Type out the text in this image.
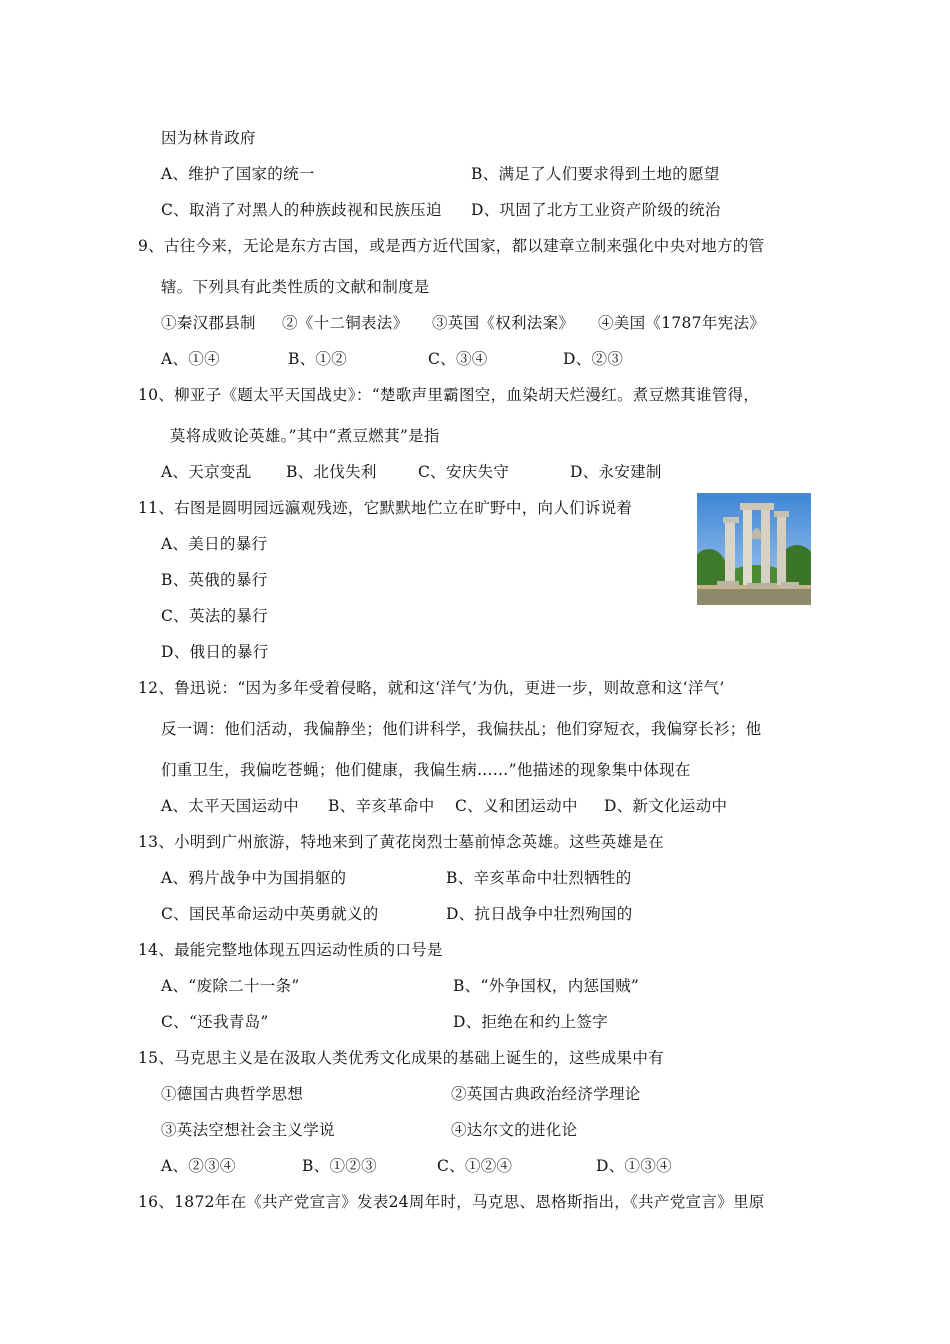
因为林肯政府
A、维护了国家的统一	B、满足了人们要求得到土地的愿望
C、取消了对黑人的种族歧视和民族压迫 D、巩固了北方工业资产阶级的统治
9、古往今来，无论是东方古国，或是西方近代国家，都以建章立制来强化中央对地方的管
辖。下列具有此类性质的文献和制度是
①秦汉郡县制 ②《十二铜表法》 ③英国《权利法案》 ④美国《1787年宪法》
A、①④	B、①②	C、③④	D、②③
10、柳亚子《题太平天国战史》：“楚歌声里霸图空，血染胡天烂漫红。煮豆燃萁谁管得，
莫将成败论英雄。”其中“煮豆燃萁”是指
A、天京变乱 B、北伐失利	C、安庆失守	D、永安建制
11、右图是圆明园远瀛观残迹，它默默地伫立在旷野中，向人们诉说着
A、美日的暴行
B、英俄的暴行
C、英法的暴行
D、俄日的暴行
12、鲁迅说：“因为多年受着侵略，就和这‘洋气’为仇，更进一步，则故意和这‘洋气’
反一调：他们活动，我偏静坐；他们讲科学，我偏扶乩；他们穿短衣，我偏穿长衫；他
们重卫生，我偏吃苍蝇；他们健康，我偏生病……”他描述的现象集中体现在
A、太平天国运动中 B、辛亥革命中 C、义和团运动中 D、新文化运动中
13、小明到广州旅游，特地来到了黄花岗烈士墓前悼念英雄。这些英雄是在
A、鸦片战争中为国捐躯的	B、辛亥革命中壮烈牺牲的
C、国民革命运动中英勇就义的	D、抗日战争中壮烈殉国的
14、最能完整地体现五四运动性质的口号是
A、“废除二十一条”	B、“外争国权，内惩国贼”
C、“还我青岛”	D、拒绝在和约上签字
15、马克思主义是在汲取人类优秀文化成果的基础上诞生的，这些成果中有
①德国古典哲学思想	②英国古典政治经济学理论
③英法空想社会主义学说	④达尔文的进化论
A、②③④	B、①②③	C、①②④	D、①③④
16、1872年在《共产党宣言》发表24周年时，马克思、恩格斯指出，《共产党宣言》里原
